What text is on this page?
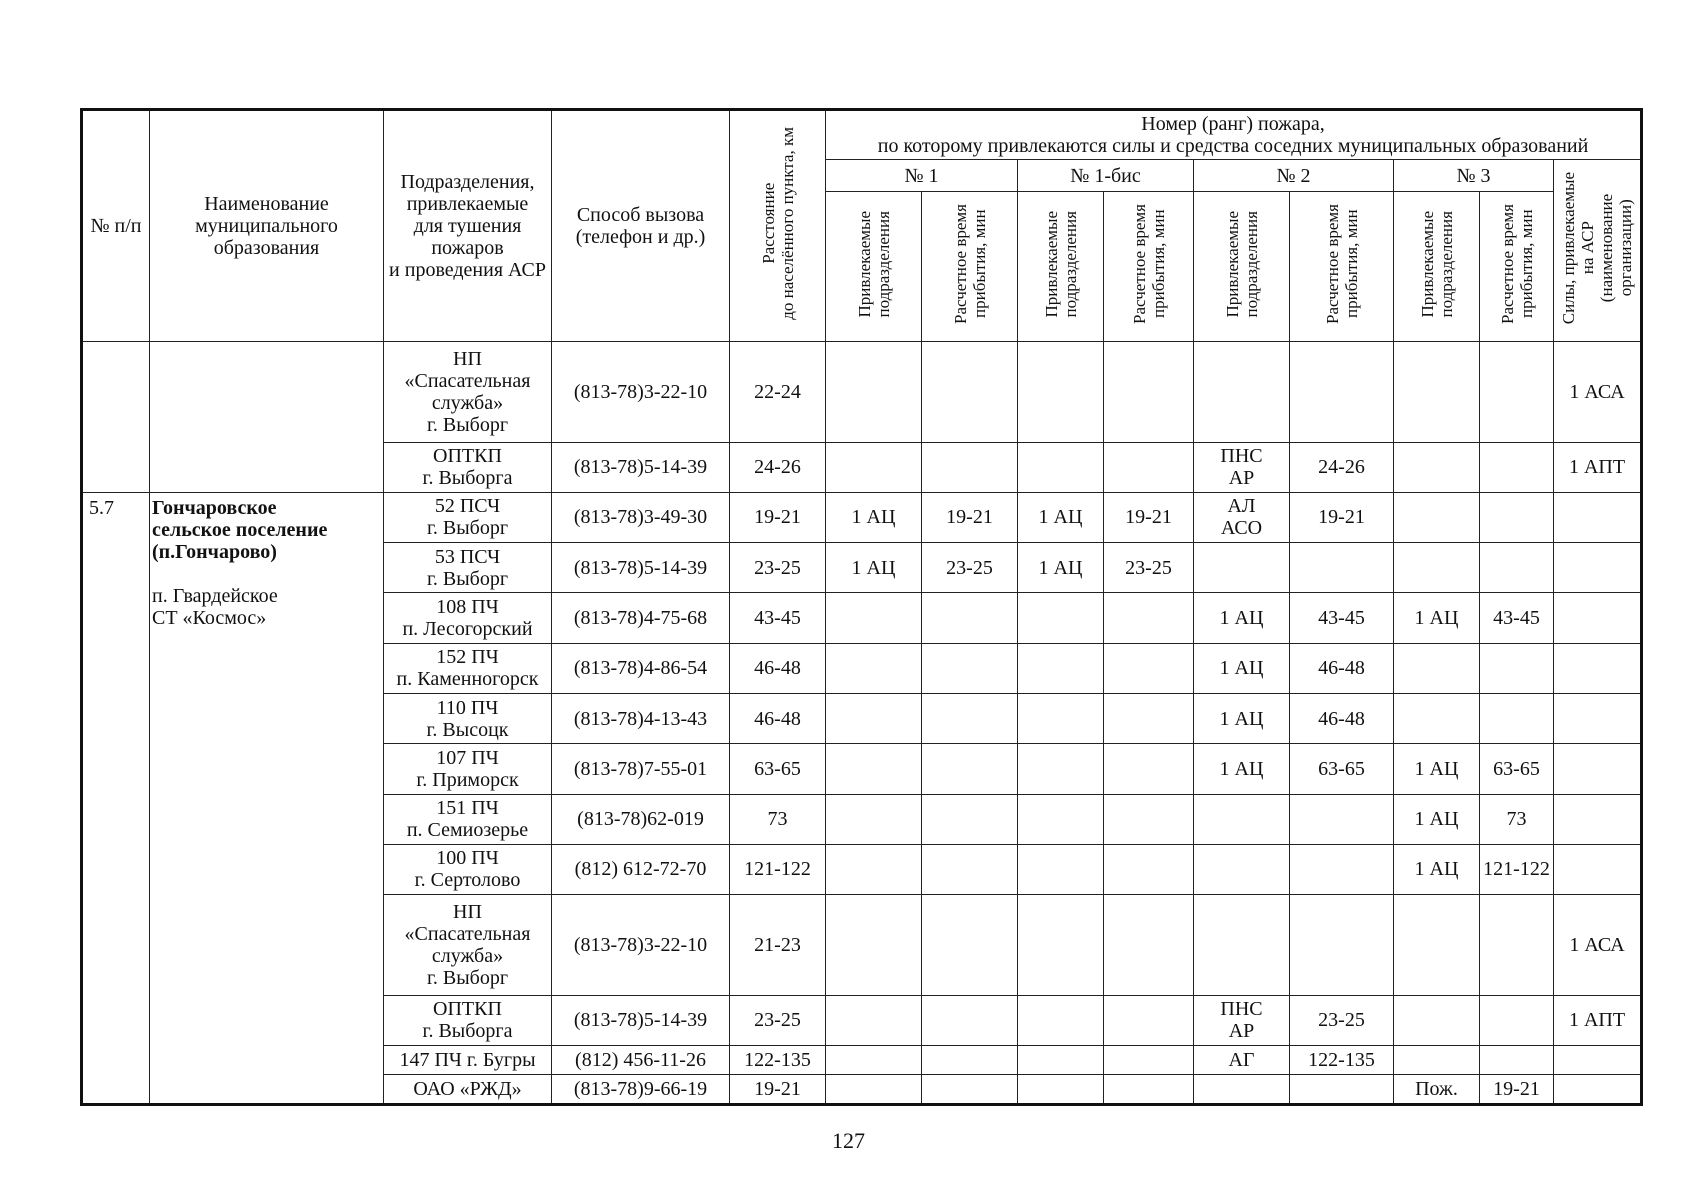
№ п/п	Наименование муниципального образования	Подразделения,
привлекаемые
для тушения
пожаров
и проведения АСР	Способ вызова
(телефон и др.)	Расстояние
до населённого пункта, км	Номер (ранг) пожара,
по которому привлекаются силы и средства соседних муниципальных образований								
					№ 1		№ 1-бис		№ 2		№ 3		Силы, привлекаемые
на АСР
(наименование
организации)
					Привлекаемые
подразделения	Расчетное время
прибытия, мин	Привлекаемые
подразделения	Расчетное время
прибытия, мин	Привлекаемые
подразделения	Расчетное время
прибытия, мин	Привлекаемые
подразделения	Расчетное время
прибытия, мин	
		НП
«Спасательная
служба»
г. Выборг	(813-78)3-22-10	22-24									1 АСА
		ОПТКП
г. Выборга	(813-78)5-14-39	24-26					ПНС
АР	24-26			1 АПТ
5.7	Гончаровское
сельское поселение
(п.Гончарово)
п. Гвардейское
СТ «Космос»	52 ПСЧ
г. Выборг	(813-78)3-49-30	19-21	1 АЦ	19-21	1 АЦ	19-21	АЛ
АСО	19-21			
		53 ПСЧ
г. Выборг	(813-78)5-14-39	23-25	1 АЦ	23-25	1 АЦ	23-25					
		108 ПЧ
п. Лесогорский	(813-78)4-75-68	43-45					1 АЦ	43-45	1 АЦ	43-45	
		152 ПЧ
п. Каменногорск	(813-78)4-86-54	46-48					1 АЦ	46-48			
		110 ПЧ
г. Высоцк	(813-78)4-13-43	46-48					1 АЦ	46-48			
		107 ПЧ
г. Приморск	(813-78)7-55-01	63-65					1 АЦ	63-65	1 АЦ	63-65	
		151 ПЧ
п. Семиозерье	(813-78)62-019	73							1 АЦ	73	
		100 ПЧ
г. Сертолово	(812) 612-72-70	121-122							1 АЦ	121-122	
		НП
«Спасательная
служба»
г. Выборг	(813-78)3-22-10	21-23									1 АСА
		ОПТКП
г. Выборга	(813-78)5-14-39	23-25					ПНС
АР	23-25			1 АПТ
		147 ПЧ г. Бугры	(812) 456-11-26	122-135					АГ	122-135			
		ОАО «РЖД»	(813-78)9-66-19	19-21							Пож.	19-21	
127
